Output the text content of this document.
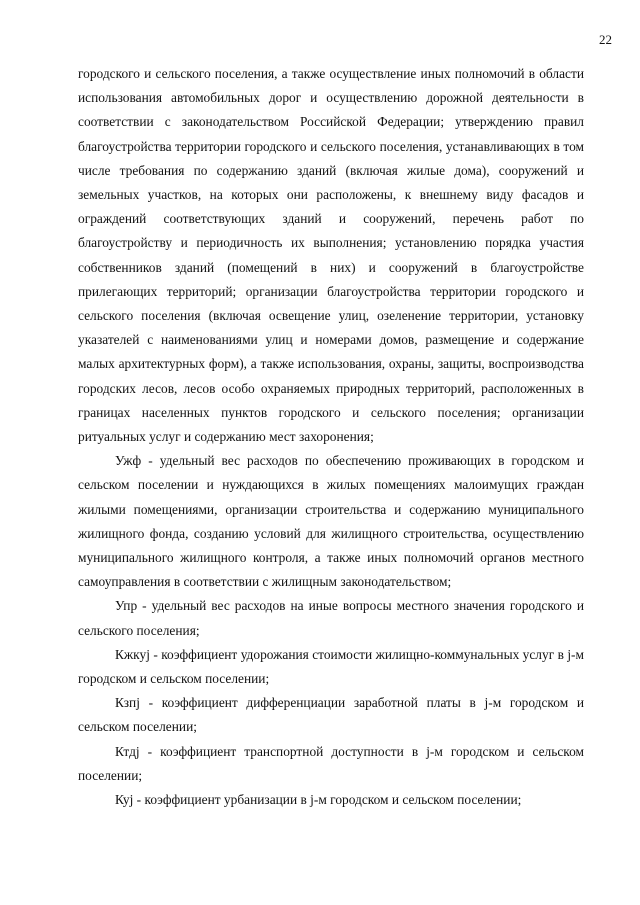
22

городского и сельского поселения, а также осуществление иных полномочий в области использования автомобильных дорог и осуществлению дорожной деятельности в соответствии с законодательством Российской Федерации; утверждению правил благоустройства территории городского и сельского поселения, устанавливающих в том числе требования по содержанию зданий (включая жилые дома), сооружений и земельных участков, на которых они расположены, к внешнему виду фасадов и ограждений соответствующих зданий и сооружений, перечень работ по благоустройству и периодичность их выполнения; установлению порядка участия собственников зданий (помещений в них) и сооружений в благоустройстве прилегающих территорий; организации благоустройства территории городского и сельского поселения (включая освещение улиц, озеленение территории, установку указателей с наименованиями улиц и номерами домов, размещение и содержание малых архитектурных форм), а также использования, охраны, защиты, воспроизводства городских лесов, лесов особо охраняемых природных территорий, расположенных в границах населенных пунктов городского и сельского поселения; организации ритуальных услуг и содержанию мест захоронения;

Ужф - удельный вес расходов по обеспечению проживающих в городском и сельском поселении и нуждающихся в жилых помещениях малоимущих граждан жилыми помещениями, организации строительства и содержанию муниципального жилищного фонда, созданию условий для жилищного строительства, осуществлению муниципального жилищного контроля, а также иных полномочий органов местного самоуправления в соответствии с жилищным законодательством;

Упр - удельный вес расходов на иные вопросы местного значения городского и сельского поселения;

Кжкуj - коэффициент удорожания стоимости жилищно-коммунальных услуг в j-м городском и сельском поселении;

Кзпj - коэффициент дифференциации заработной платы в j-м городском и сельском поселении;

Ктдj - коэффициент транспортной доступности в j-м городском и сельском поселении;

Куj - коэффициент урбанизации в j-м городском и сельском поселении;
